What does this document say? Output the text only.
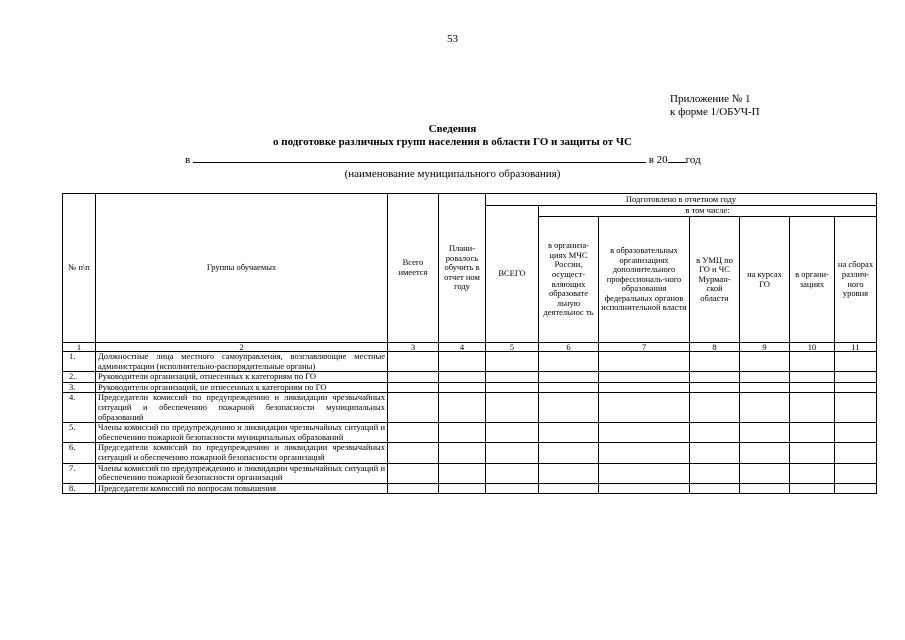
53
Приложение № 1
к форме 1/ОБУЧ-П
Сведения
о подготовке различных групп населения в области ГО и защиты от ЧС
в	в 20 год
(наименование муниципального образования)
№ п\п	Группы обучаемых	Всего имеется	Плани-ровалось обучить в отчет ном году	Подготовлено в отчетном году						
				ВСЕГО	в том числе:					
					в организа-циях МЧС России, осущест-вляющих образовате льную деятельнос ть	в образовательных организациях дополнительного профессиональ-ного образования федеральных органов исполнительной власти	в УМЦ по ГО и ЧС Мурман-ской области	на курсах ГО	в органи-зациях	на сборах различ-ного уровня
1	2	3	4	5	6	7	8	9	10	11
1.	Должностные лица местного самоуправления, возглавляющие местные администрации (исполнительно-распорядительные органы)									
2.	Руководители организаций, отнесенных к категориям по ГО									
3.	Руководители организаций, не отнесенных к категориям по ГО									
4.	Председатели комиссий по предупреждению и ликвидации чрезвычайных ситуаций и обеспечению пожарной безопасности муниципальных образований									
5.	Члены комиссий по предупреждению и ликвидации чрезвычайных ситуаций и обеспечению пожарной безопасности муниципальных образований									
6.	Председатели комиссий по предупреждению и ликвидации чрезвычайных ситуаций и обеспечению пожарной безопасности организаций									
7.	Члены комиссий по предупреждению и ликвидации чрезвычайных ситуаций и обеспечению пожарной безопасности организаций									
8.	Председатели комиссий по вопросам повышения									
